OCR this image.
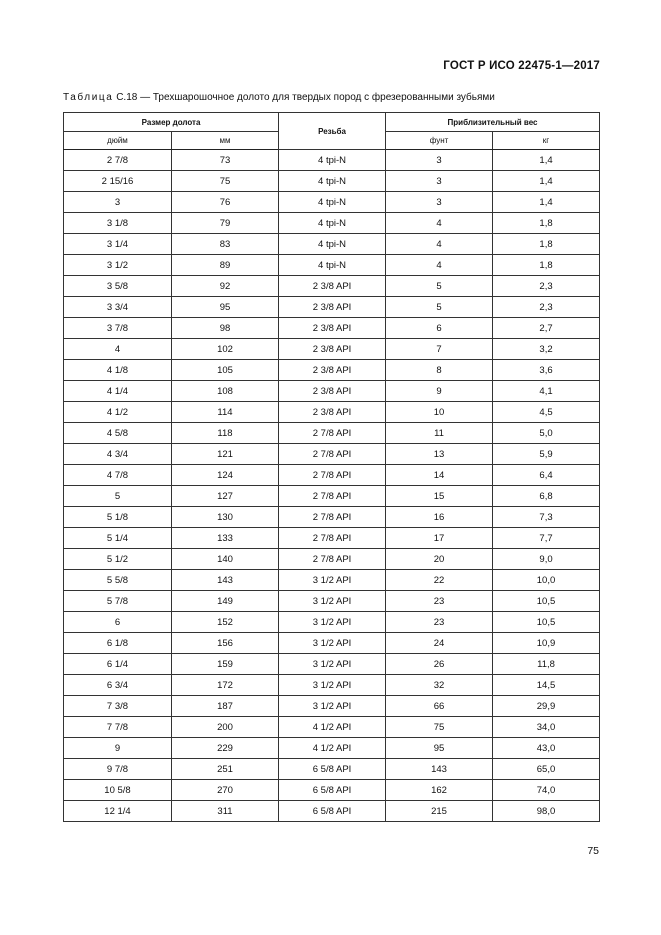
ГОСТ Р ИСО 22475-1—2017
Таблица С.18 — Трехшарошочное долото для твердых пород с фрезерованными зубьями
Размер долота		Резьба	Приблизительный вес	
дюйм	мм		фунт	кг
2 7/8	73	4 tpi-N	3	1,4
2 15/16	75	4 tpi-N	3	1,4
3	76	4 tpi-N	3	1,4
3 1/8	79	4 tpi-N	4	1,8
3 1/4	83	4 tpi-N	4	1,8
3 1/2	89	4 tpi-N	4	1,8
3 5/8	92	2 3/8 API	5	2,3
3 3/4	95	2 3/8 API	5	2,3
3 7/8	98	2 3/8 API	6	2,7
4	102	2 3/8 API	7	3,2
4 1/8	105	2 3/8 API	8	3,6
4 1/4	108	2 3/8 API	9	4,1
4 1/2	114	2 3/8 API	10	4,5
4 5/8	118	2 7/8 API	11	5,0
4 3/4	121	2 7/8 API	13	5,9
4 7/8	124	2 7/8 API	14	6,4
5	127	2 7/8 API	15	6,8
5 1/8	130	2 7/8 API	16	7,3
5 1/4	133	2 7/8 API	17	7,7
5 1/2	140	2 7/8 API	20	9,0
5 5/8	143	3 1/2 API	22	10,0
5 7/8	149	3 1/2 API	23	10,5
6	152	3 1/2 API	23	10,5
6 1/8	156	3 1/2 API	24	10,9
6 1/4	159	3 1/2 API	26	11,8
6 3/4	172	3 1/2 API	32	14,5
7 3/8	187	3 1/2 API	66	29,9
7 7/8	200	4 1/2 API	75	34,0
9	229	4 1/2 API	95	43,0
9 7/8	251	6 5/8 API	143	65,0
10 5/8	270	6 5/8 API	162	74,0
12 1/4	311	6 5/8 API	215	98,0
75
